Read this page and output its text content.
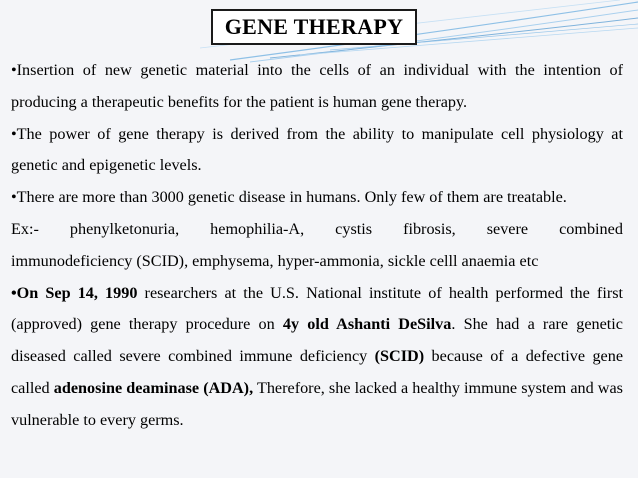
GENE THERAPY

•Insertion of new genetic material into the cells of an individual with the intention of producing a therapeutic benefits for the patient is human gene therapy.

•The power of gene therapy is derived from the ability to manipulate cell physiology at genetic and epigenetic levels.

•There are more than 3000 genetic disease in humans. Only few of them are treatable.

Ex:- phenylketonuria, hemophilia-A, cystis fibrosis, severe combined

immunodeficiency (SCID), emphysema, hyper-ammonia, sickle celll anaemia etc

•On Sep 14, 1990 researchers at the U.S. National institute of health performed the first (approved) gene therapy procedure on 4y old Ashanti DeSilva. She had a rare genetic diseased called severe combined immune deficiency (SCID) because of a defective gene called adenosine deaminase (ADA), Therefore, she lacked a healthy immune system and was vulnerable to every germs.
